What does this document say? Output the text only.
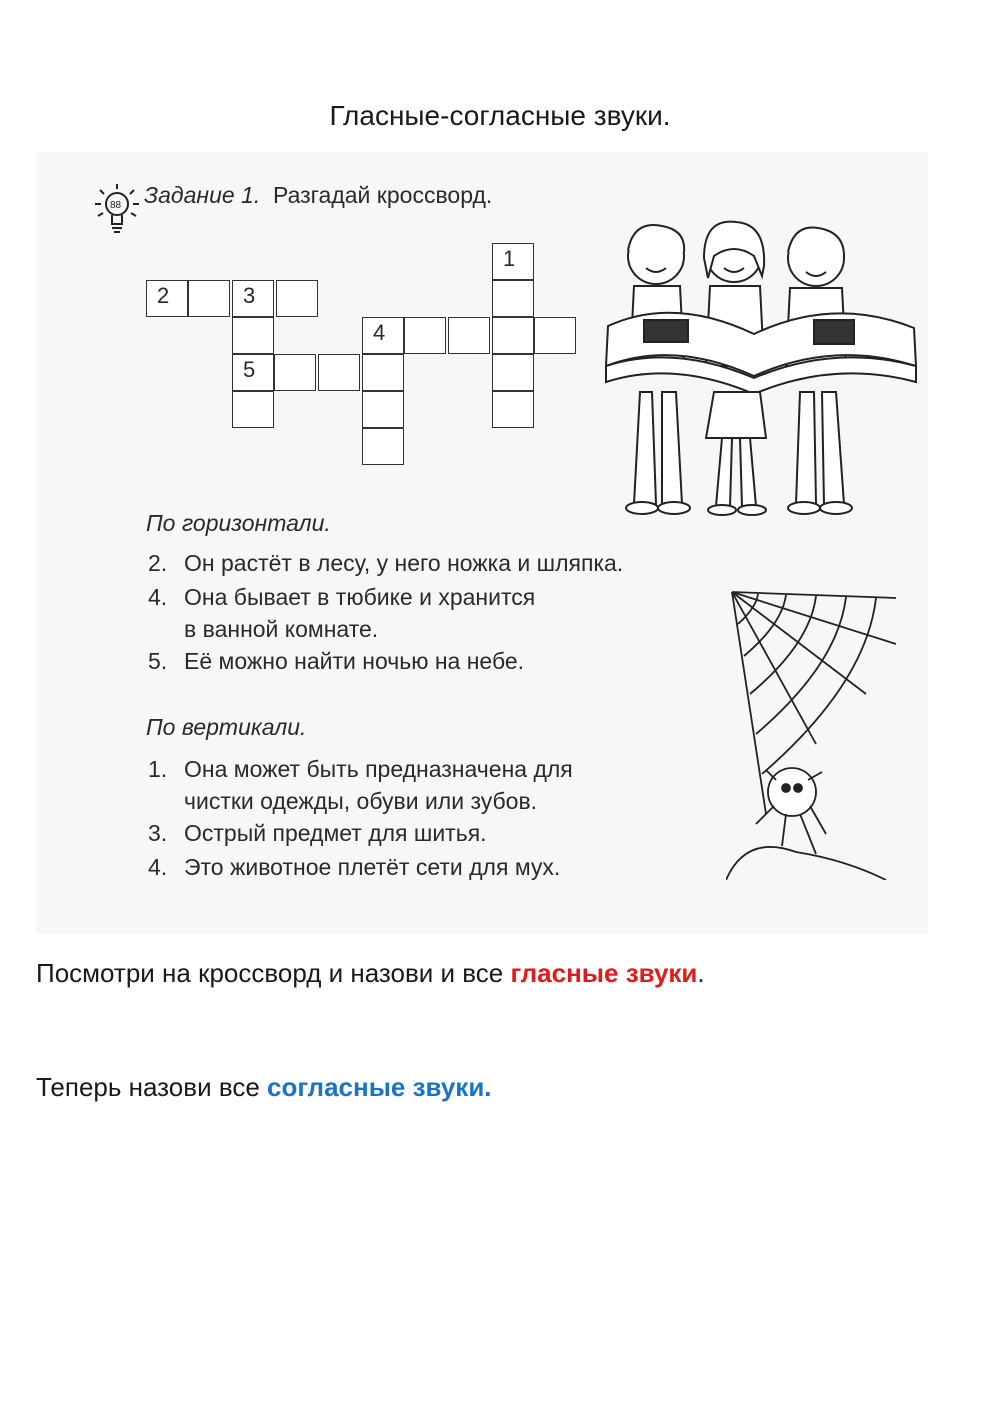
Гласные-согласные звуки.
88 Задание 1. Разгадай кроссворд.
2	3
5
4
1
По горизонтали.
2. Он растёт в лесу, у него ножка и шляпка.
4. Она бывает в тюбике и хранится
в ванной комнате.
5. Её можно найти ночью на небе.
По вертикали.
1. Она может быть предназначена для
чистки одежды, обуви или зубов.
3. Острый предмет для шитья.
4. Это животное плетёт сети для мух.
Посмотри на кроссворд и назови и все гласные звуки.
Теперь назови все согласные звуки.
